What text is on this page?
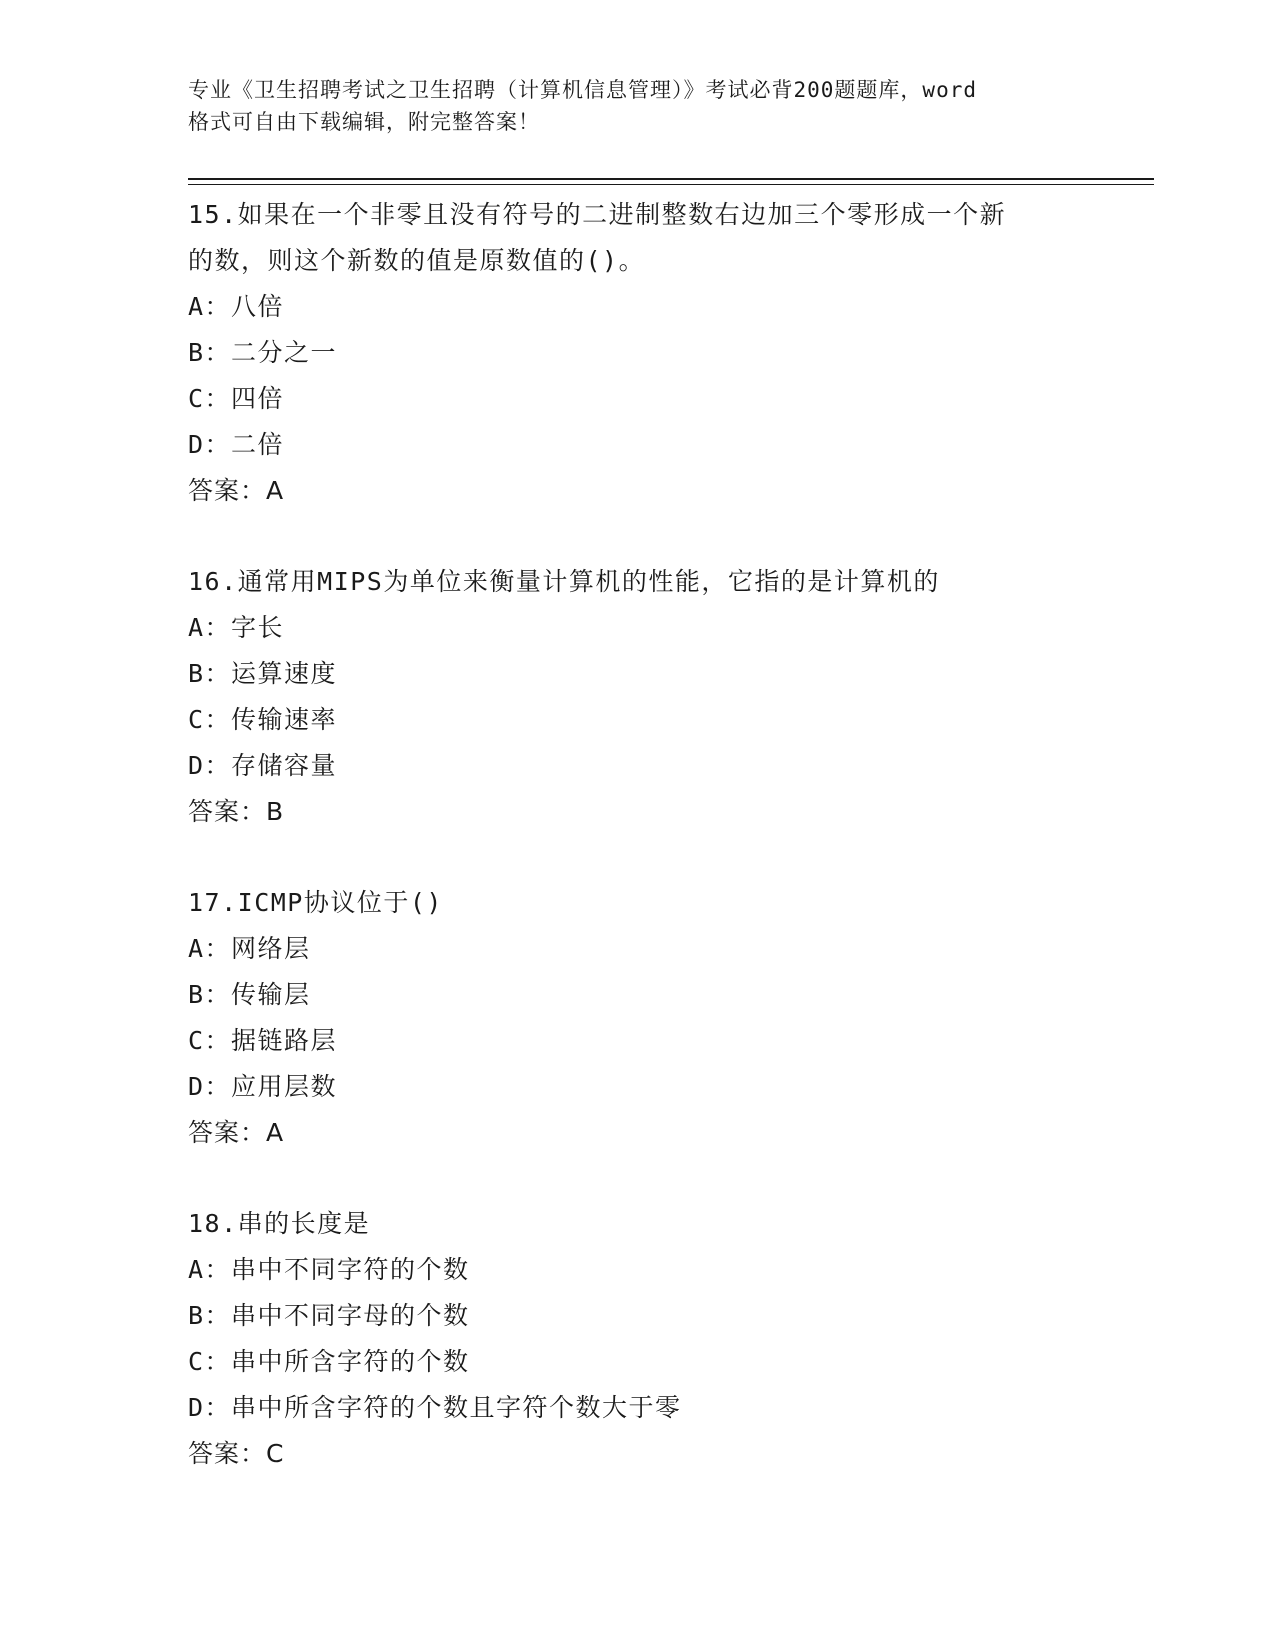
专业《卫生招聘考试之卫生招聘（计算机信息管理）》考试必背200题题库，word
格式可自由下载编辑，附完整答案！
15.如果在一个非零且没有符号的二进制整数右边加三个零形成一个新
的数，则这个新数的值是原数值的()。
A：八倍
B：二分之一
C：四倍
D：二倍
答案：A
16.通常用MIPS为单位来衡量计算机的性能，它指的是计算机的
A：字长
B：运算速度
C：传输速率
D：存储容量
答案：B
17.ICMP协议位于()
A：网络层
B：传输层
C：据链路层
D：应用层数
答案：A
18.串的长度是
A：串中不同字符的个数
B：串中不同字母的个数
C：串中所含字符的个数
D：串中所含字符的个数且字符个数大于零
答案：C
